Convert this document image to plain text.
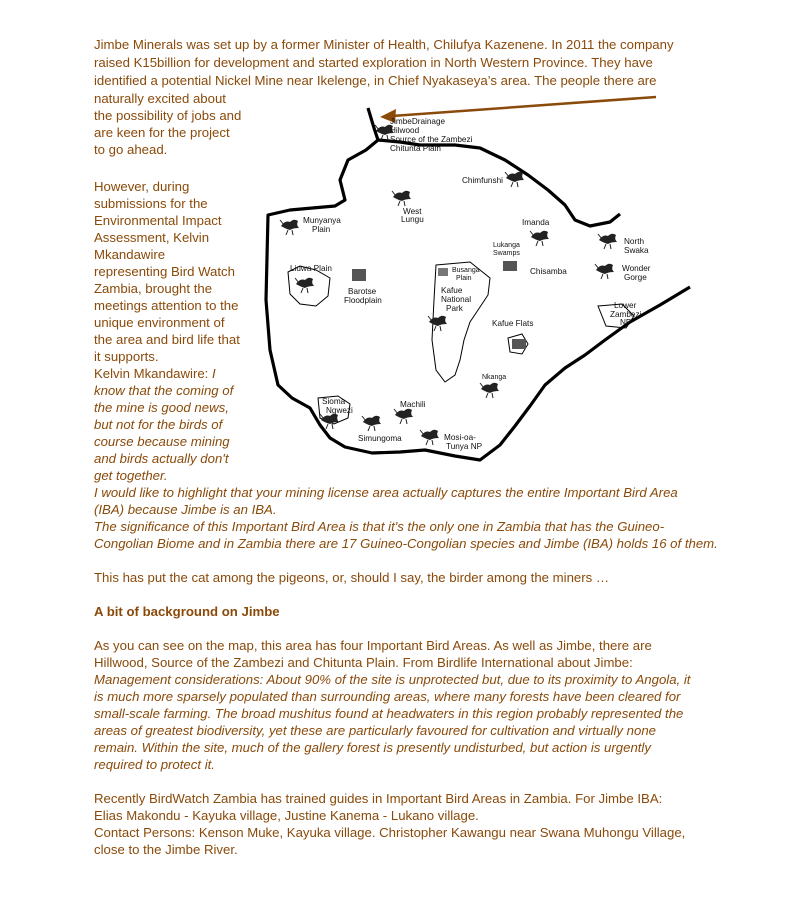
Jimbe Minerals was set up by a former Minister of Health, Chilufya Kazenene. In 2011 the company
raised K15billion for development and started exploration in North Western Province. They have
identified a potential Nickel Mine near Ikelenge, in Chief Nyakaseya’s area. The people there are
naturally excited about
the possibility of jobs and
are keen for the project
to go ahead.
However, during
submissions for the
Environmental Impact
Assessment, Kelvin
Mkandawire
representing Bird Watch
Zambia, brought the
meetings attention to the
unique environment of
the area and bird life that
it supports.
Kelvin Mkandawire: I
know that the coming of
the mine is good news,
but not for the birds of
course because mining
and birds actually don't
get together.
I would like to highlight that your mining license area actually captures the entire Important Bird Area
(IBA) because Jimbe is an IBA.
The significance of this Important Bird Area is that it's the only one in Zambia that has the Guineo-
Congolian Biome and in Zambia there are 17 Guineo-Congolian species and Jimbe (IBA) holds 16 of them.
This has put the cat among the pigeons, or, should I say, the birder among the miners …
A bit of background on Jimbe
As you can see on the map, this area has four Important Bird Areas. As well as Jimbe, there are
Hillwood, Source of the Zambezi and Chitunta Plain. From Birdlife International about Jimbe:
Management considerations: About 90% of the site is unprotected but, due to its proximity to Angola, it
is much more sparsely populated than surrounding areas, where many forests have been cleared for
small-scale farming. The broad mushitus found at headwaters in this region probably represented the
areas of greatest biodiversity, yet these are particularly favoured for cultivation and virtually none
remain. Within the site, much of the gallery forest is presently undisturbed, but action is urgently
required to protect it.
Recently BirdWatch Zambia has trained guides in Important Bird Areas in Zambia. For Jimbe IBA:
Elias Makondu - Kayuka village, Justine Kanema - Lukano village.
Contact Persons: Kenson Muke, Kayuka village. Christopher Kawangu near Swana Muhongu Village,
close to the Jimbe River.
JimbeDrainage Hilwood Source of the Zambezi Chitunta Plain
Chimfunshi
West Lungu
Munyanya Plain
Imanda
Lukanga Swamps
North Swaka
Busanga Plain
Chisamba	Wonder Gorge
Liuwa Plain
Barotse Floodplain
Kafue National Park	Lower Zambezi NP
Kafue Flats
Nkanga
Sioma Ngwezi
Machili
Simungoma	Mosi-oa- Tunya NP
